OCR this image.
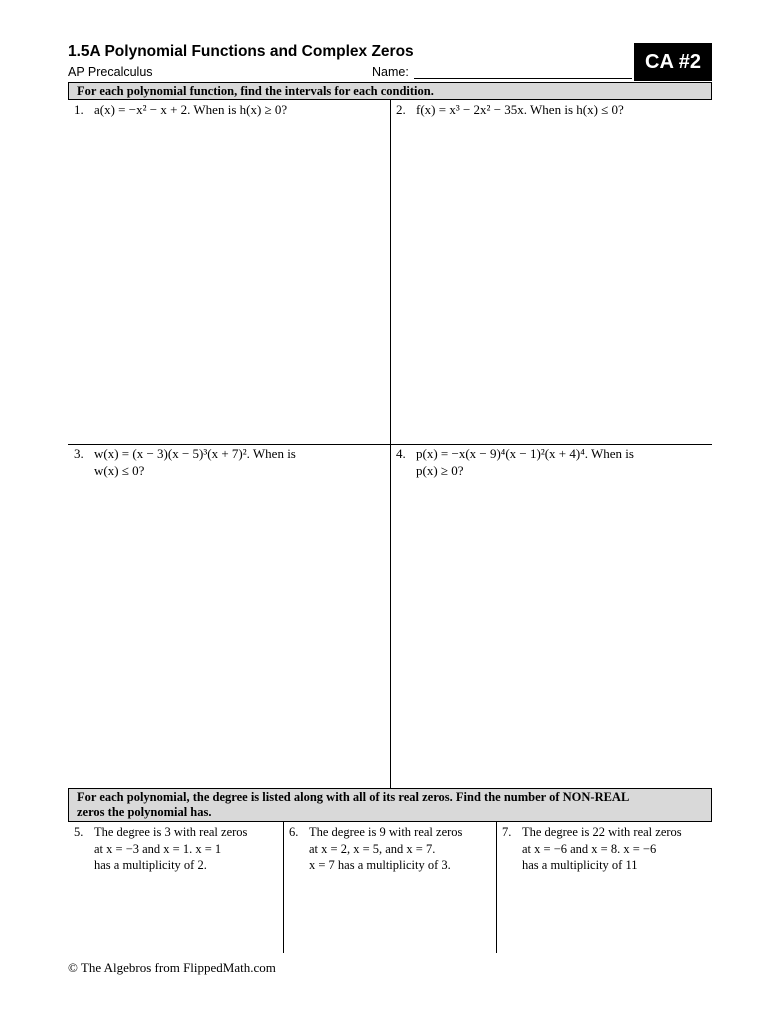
1.5A Polynomial Functions and Complex Zeros
AP Precalculus	Name:	CA #2
For each polynomial function, find the intervals for each condition.
1. a(x) = −x² − x + 2. When is h(x) ≥ 0?	2. f(x) = x³ − 2x² − 35x. When is h(x) ≤ 0?
3. w(x) = (x − 3)(x − 5)³(x + 7)². When is
w(x) ≤ 0?
4. p(x) = −x(x − 9)⁴(x − 1)²(x + 4)⁴. When is
p(x) ≥ 0?
For each polynomial, the degree is listed along with all of its real zeros. Find the number of NON-REAL
zeros the polynomial has.
5. The degree is 3 with real zeros
at x = −3 and x = 1. x = 1
has a multiplicity of 2.
6. The degree is 9 with real zeros
at x = 2, x = 5, and x = 7.
x = 7 has a multiplicity of 3.
7. The degree is 22 with real zeros
at x = −6 and x = 8. x = −6
has a multiplicity of 11
© The Algebros from FlippedMath.com
